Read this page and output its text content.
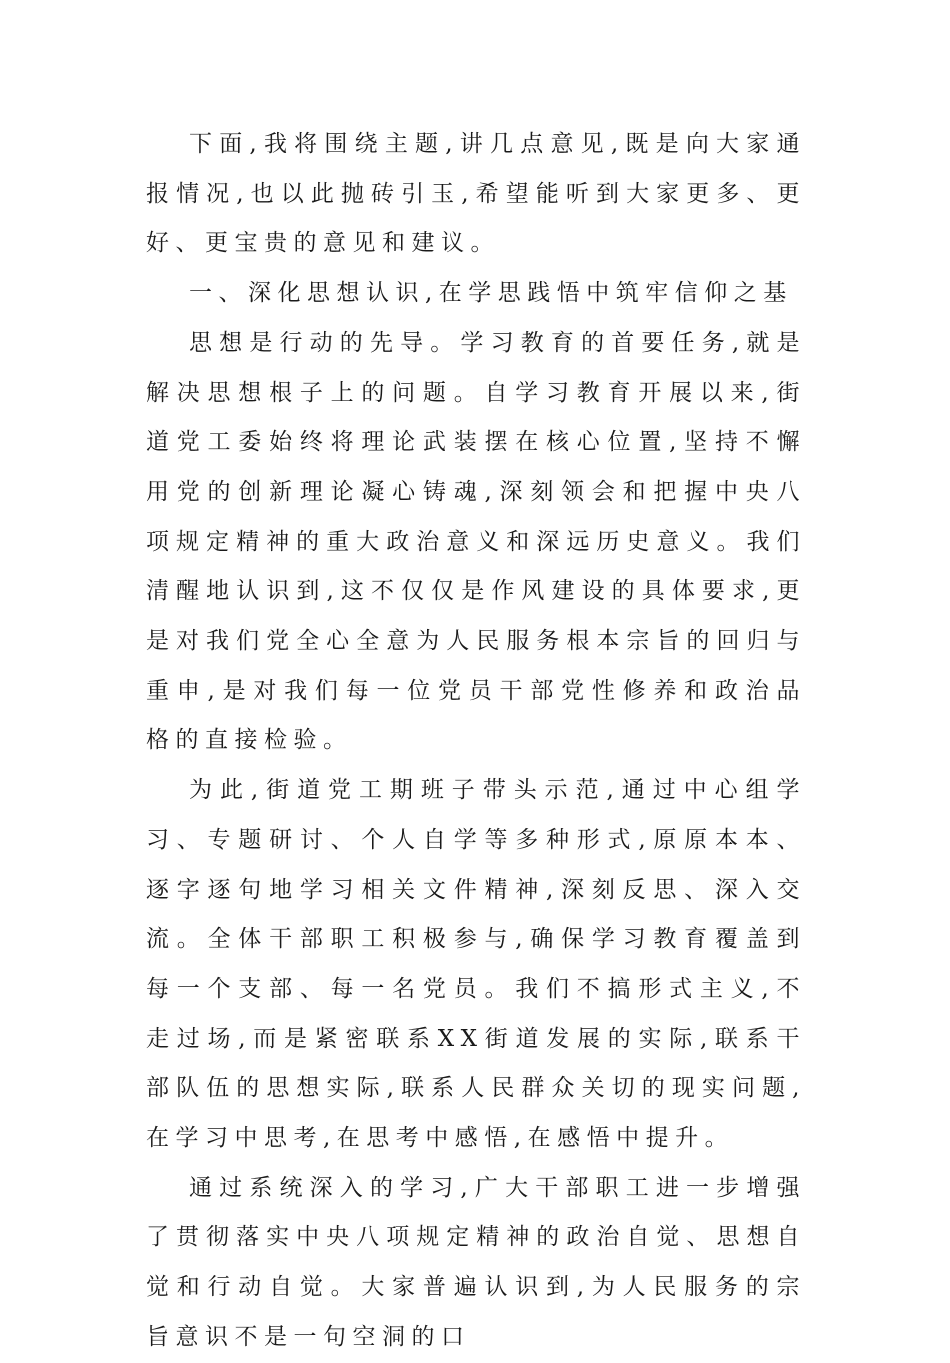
下面,我将围绕主题,讲几点意见,既是向大家通报情况,也以此抛砖引玉,希望能听到大家更多、更好、更宝贵的意见和建议。

一、深化思想认识,在学思践悟中筑牢信仰之基

思想是行动的先导。学习教育的首要任务,就是解决思想根子上的问题。自学习教育开展以来,街道党工委始终将理论武装摆在核心位置,坚持不懈用党的创新理论凝心铸魂,深刻领会和把握中央八项规定精神的重大政治意义和深远历史意义。我们清醒地认识到,这不仅仅是作风建设的具体要求,更是对我们党全心全意为人民服务根本宗旨的回归与重申,是对我们每一位党员干部党性修养和政治品格的直接检验。

为此,街道党工期班子带头示范,通过中心组学习、专题研讨、个人自学等多种形式,原原本本、逐字逐句地学习相关文件精神,深刻反思、深入交流。全体干部职工积极参与,确保学习教育覆盖到每一个支部、每一名党员。我们不搞形式主义,不走过场,而是紧密联系XX街道发展的实际,联系干部队伍的思想实际,联系人民群众关切的现实问题,在学习中思考,在思考中感悟,在感悟中提升。

通过系统深入的学习,广大干部职工进一步增强了贯彻落实中央八项规定精神的政治自觉、思想自觉和行动自觉。大家普遍认识到,为人民服务的宗旨意识不是一句空洞的口
